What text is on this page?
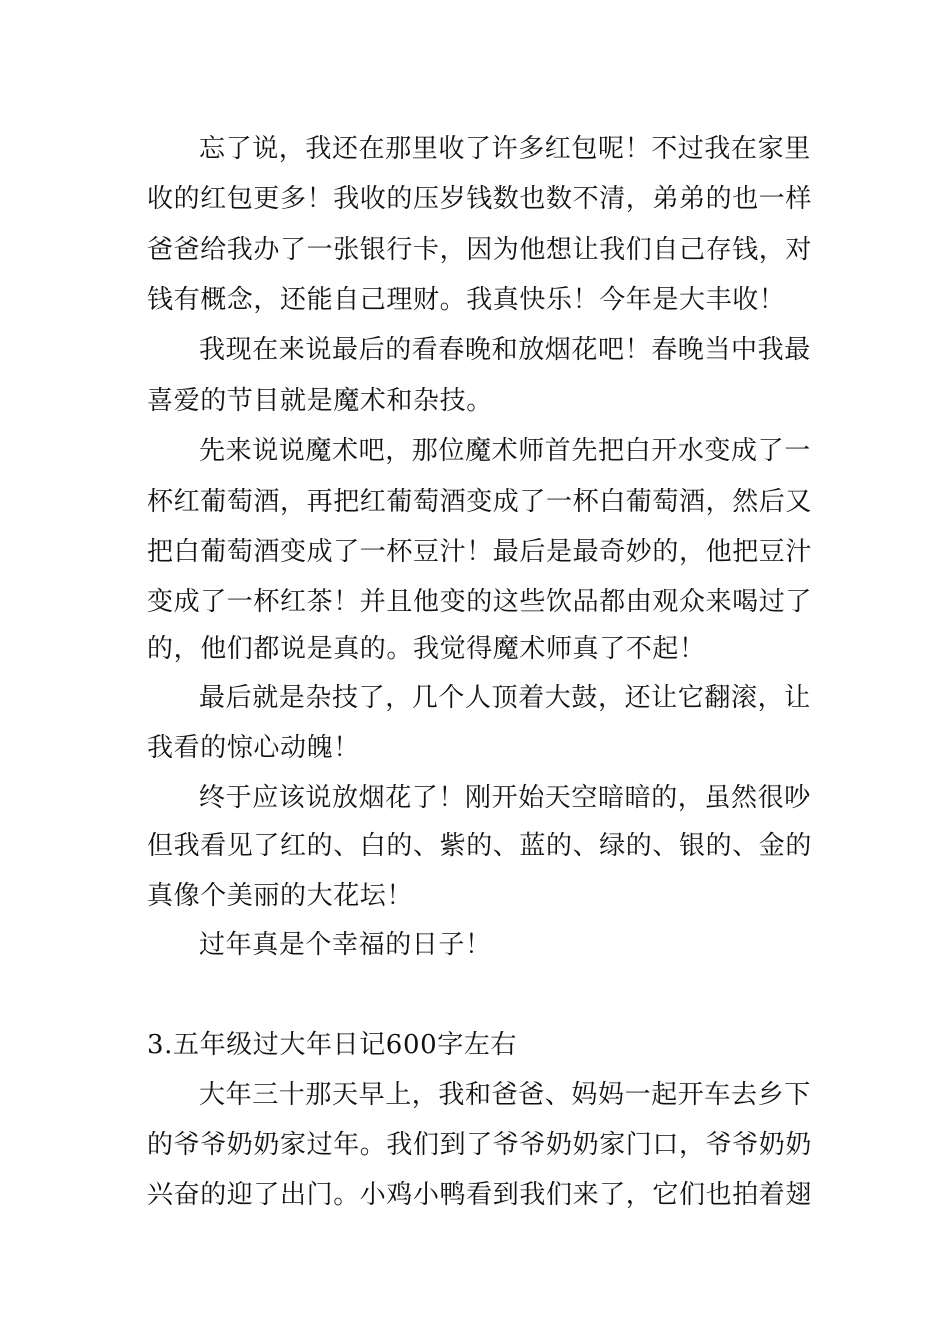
忘了说，我还在那里收了许多红包呢！不过我在家里

收的红包更多！我收的压岁钱数也数不清，弟弟的也一样

爸爸给我办了一张银行卡，因为他想让我们自己存钱，对

钱有概念，还能自己理财。我真快乐！今年是大丰收！

我现在来说最后的看春晚和放烟花吧！春晚当中我最

喜爱的节目就是魔术和杂技。

先来说说魔术吧，那位魔术师首先把白开水变成了一

杯红葡萄酒，再把红葡萄酒变成了一杯白葡萄酒，然后又

把白葡萄酒变成了一杯豆汁！最后是最奇妙的，他把豆汁

变成了一杯红茶！并且他变的这些饮品都由观众来喝过了

的，他们都说是真的。我觉得魔术师真了不起！

最后就是杂技了，几个人顶着大鼓，还让它翻滚，让

我看的惊心动魄！

终于应该说放烟花了！刚开始天空暗暗的，虽然很吵

但我看见了红的、白的、紫的、蓝的、绿的、银的、金的

真像个美丽的大花坛！

过年真是个幸福的日子！

3.五年级过大年日记600字左右

大年三十那天早上，我和爸爸、妈妈一起开车去乡下

的爷爷奶奶家过年。我们到了爷爷奶奶家门口，爷爷奶奶

兴奋的迎了出门。小鸡小鸭看到我们来了，它们也拍着翅
